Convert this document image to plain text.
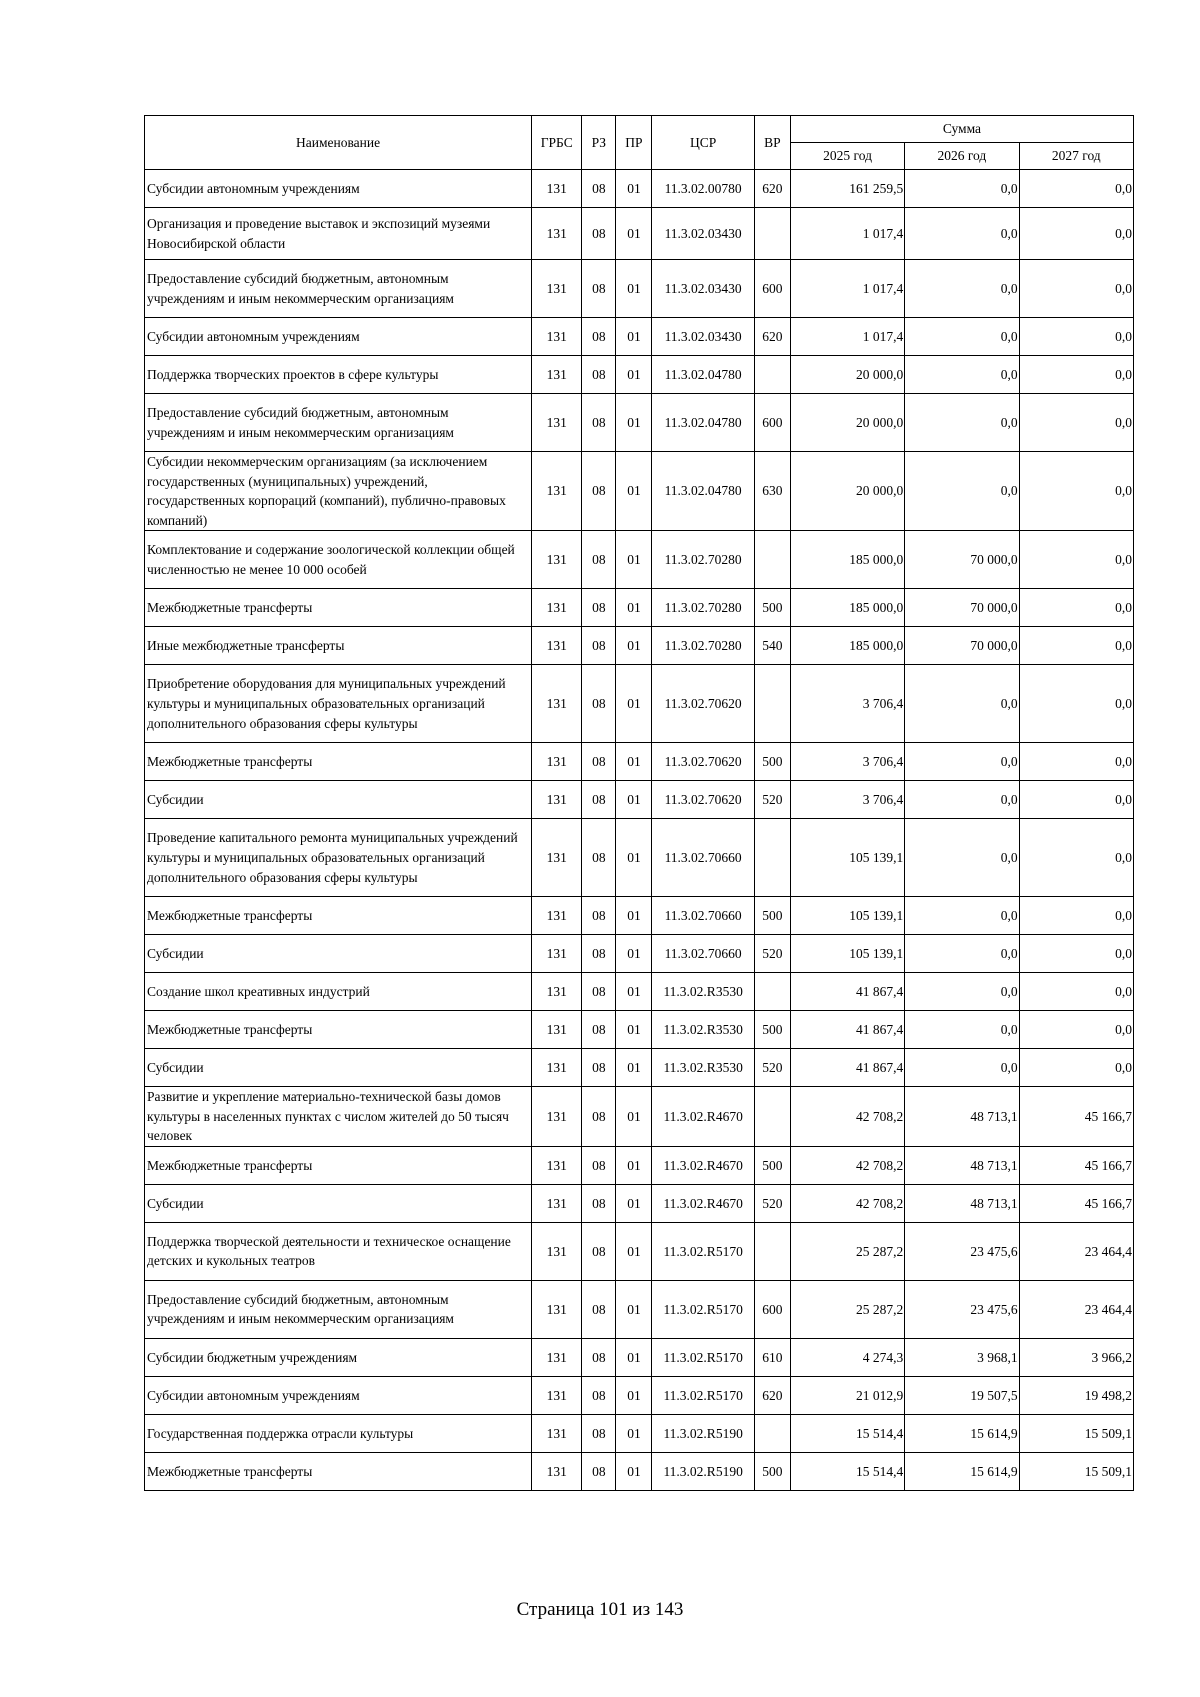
Наименование	ГРБС	РЗ	ПР	ЦСР	ВР	Сумма		
						2025 год	2026 год	2027 год
Субсидии автономным учреждениям	131	08	01	11.3.02.00780	620	161 259,5	0,0	0,0
Организация и проведение выставок и экспозиций музеями Новосибирской области	131	08	01	11.3.02.03430		1 017,4	0,0	0,0
Предоставление субсидий бюджетным, автономным учреждениям и иным некоммерческим организациям	131	08	01	11.3.02.03430	600	1 017,4	0,0	0,0
Субсидии автономным учреждениям	131	08	01	11.3.02.03430	620	1 017,4	0,0	0,0
Поддержка творческих проектов в сфере культуры	131	08	01	11.3.02.04780		20 000,0	0,0	0,0
Предоставление субсидий бюджетным, автономным учреждениям и иным некоммерческим организациям	131	08	01	11.3.02.04780	600	20 000,0	0,0	0,0
Субсидии некоммерческим организациям (за исключением государственных (муниципальных) учреждений, государственных корпораций (компаний), публично-правовых компаний)	131	08	01	11.3.02.04780	630	20 000,0	0,0	0,0
Комплектование и содержание зоологической коллекции общей численностью не менее 10 000 особей	131	08	01	11.3.02.70280		185 000,0	70 000,0	0,0
Межбюджетные трансферты	131	08	01	11.3.02.70280	500	185 000,0	70 000,0	0,0
Иные межбюджетные трансферты	131	08	01	11.3.02.70280	540	185 000,0	70 000,0	0,0
Приобретение оборудования для муниципальных учреждений культуры и муниципальных образовательных организаций дополнительного образования сферы культуры	131	08	01	11.3.02.70620		3 706,4	0,0	0,0
Межбюджетные трансферты	131	08	01	11.3.02.70620	500	3 706,4	0,0	0,0
Субсидии	131	08	01	11.3.02.70620	520	3 706,4	0,0	0,0
Проведение капитального ремонта муниципальных учреждений культуры и муниципальных образовательных организаций дополнительного образования сферы культуры	131	08	01	11.3.02.70660		105 139,1	0,0	0,0
Межбюджетные трансферты	131	08	01	11.3.02.70660	500	105 139,1	0,0	0,0
Субсидии	131	08	01	11.3.02.70660	520	105 139,1	0,0	0,0
Создание школ креативных индустрий	131	08	01	11.3.02.R3530		41 867,4	0,0	0,0
Межбюджетные трансферты	131	08	01	11.3.02.R3530	500	41 867,4	0,0	0,0
Субсидии	131	08	01	11.3.02.R3530	520	41 867,4	0,0	0,0
Развитие и укрепление материально-технической базы домов культуры в населенных пунктах с числом жителей до 50 тысяч человек	131	08	01	11.3.02.R4670		42 708,2	48 713,1	45 166,7
Межбюджетные трансферты	131	08	01	11.3.02.R4670	500	42 708,2	48 713,1	45 166,7
Субсидии	131	08	01	11.3.02.R4670	520	42 708,2	48 713,1	45 166,7
Поддержка творческой деятельности и техническое оснащение детских и кукольных театров	131	08	01	11.3.02.R5170		25 287,2	23 475,6	23 464,4
Предоставление субсидий бюджетным, автономным учреждениям и иным некоммерческим организациям	131	08	01	11.3.02.R5170	600	25 287,2	23 475,6	23 464,4
Субсидии бюджетным учреждениям	131	08	01	11.3.02.R5170	610	4 274,3	3 968,1	3 966,2
Субсидии автономным учреждениям	131	08	01	11.3.02.R5170	620	21 012,9	19 507,5	19 498,2
Государственная поддержка отрасли культуры	131	08	01	11.3.02.R5190		15 514,4	15 614,9	15 509,1
Межбюджетные трансферты	131	08	01	11.3.02.R5190	500	15 514,4	15 614,9	15 509,1
Страница 101 из 143
